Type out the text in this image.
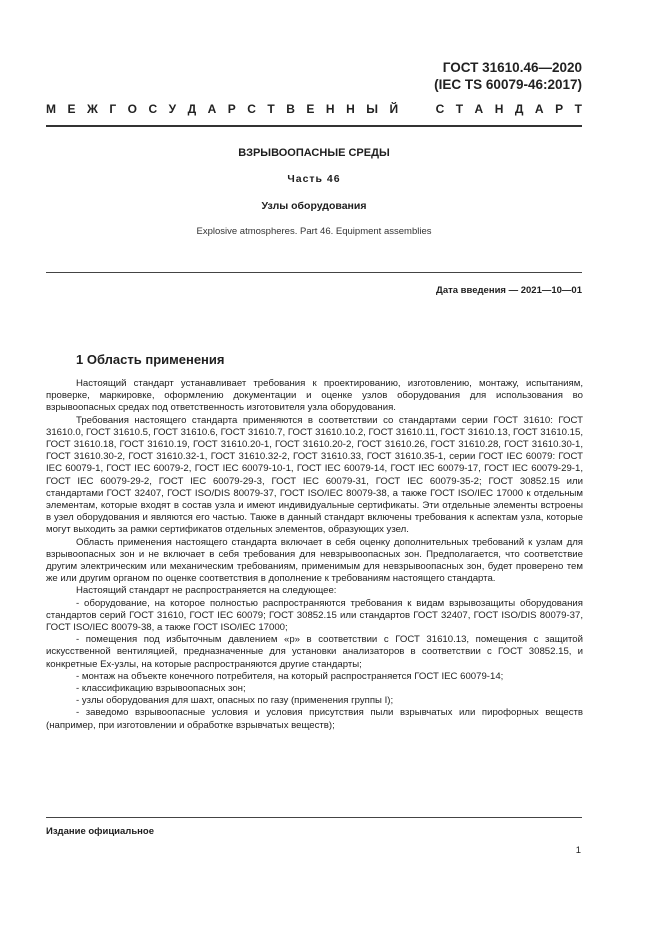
ГОСТ 31610.46—2020
(IEC TS 60079-46:2017)
М Е Ж Г О С У Д А Р С Т В Е Н Н Ы Й	С Т А Н Д А Р Т
ВЗРЫВООПАСНЫЕ СРЕДЫ
Часть 46
Узлы оборудования
Explosive atmospheres. Part 46. Equipment assemblies
Дата введения — 2021—10—01
1 Область применения

Настоящий стандарт устанавливает требования к проектированию, изготовлению, монтажу, испытаниям, проверке, маркировке, оформлению документации и оценке узлов оборудования для использования во взрывоопасных средах под ответственность изготовителя узла оборудования.

Требования настоящего стандарта применяются в соответствии со стандартами серии ГОСТ 31610: ГОСТ 31610.0, ГОСТ 31610.5, ГОСТ 31610.6, ГОСТ 31610.7, ГОСТ 31610.10.2, ГОСТ 31610.11, ГОСТ 31610.13, ГОСТ 31610.15, ГОСТ 31610.18, ГОСТ 31610.19, ГОСТ 31610.20-1, ГОСТ 31610.20-2, ГОСТ 31610.26, ГОСТ 31610.28, ГОСТ 31610.30-1, ГОСТ 31610.30-2, ГОСТ 31610.32-1, ГОСТ 31610.32-2, ГОСТ 31610.33, ГОСТ 31610.35-1, серии ГОСТ IEC 60079: ГОСТ IEC 60079-1, ГОСТ IEC 60079-2, ГОСТ IEC 60079-10-1, ГОСТ IEC 60079-14, ГОСТ IEC 60079-17, ГОСТ IEC 60079-29-1, ГОСТ IEC 60079-29-2, ГОСТ IEC 60079-29-3, ГОСТ IEC 60079-31, ГОСТ IEC 60079-35-2; ГОСТ 30852.15 или стандартами ГОСТ 32407, ГОСТ ISO/DIS 80079-37, ГОСТ ISO/IEC 80079-38, а также ГОСТ ISO/IEC 17000 к отдельным элементам, которые входят в состав узла и имеют индивидуальные сертификаты. Эти отдельные элементы встроены в узел оборудования и являются его частью. Также в данный стандарт включены требования к аспектам узла, которые могут выходить за рамки сертификатов отдельных элементов, образующих узел.

Область применения настоящего стандарта включает в себя оценку дополнительных требований к узлам для взрывоопасных зон и не включает в себя требования для невзрывоопасных зон. Предполагается, что соответствие другим электрическим или механическим требованиям, применимым для невзрывоопасных зон, будет проверено тем же или другим органом по оценке соответствия в дополнение к требованиям настоящего стандарта.

Настоящий стандарт не распространяется на следующее:

- оборудование, на которое полностью распространяются требования к видам взрывозащиты оборудования стандартов серий ГОСТ 31610, ГОСТ IEC 60079; ГОСТ 30852.15 или стандартов ГОСТ 32407, ГОСТ ISO/DIS 80079-37, ГОСТ ISO/IEC 80079-38, а также ГОСТ ISO/IEC 17000;

- помещения под избыточным давлением «р» в соответствии с ГОСТ 31610.13, помещения с защитой искусственной вентиляцией, предназначенные для установки анализаторов в соответствии с ГОСТ 30852.15, и конкретные Ex-узлы, на которые распространяются другие стандарты;

- монтаж на объекте конечного потребителя, на который распространяется ГОСТ IEC 60079-14;

- классификацию взрывоопасных зон;

- узлы оборудования для шахт, опасных по газу (применения группы I);

- заведомо взрывоопасные условия и условия присутствия пыли взрывчатых или пирофорных веществ (например, при изготовлении и обработке взрывчатых веществ);

Издание официальное
1
